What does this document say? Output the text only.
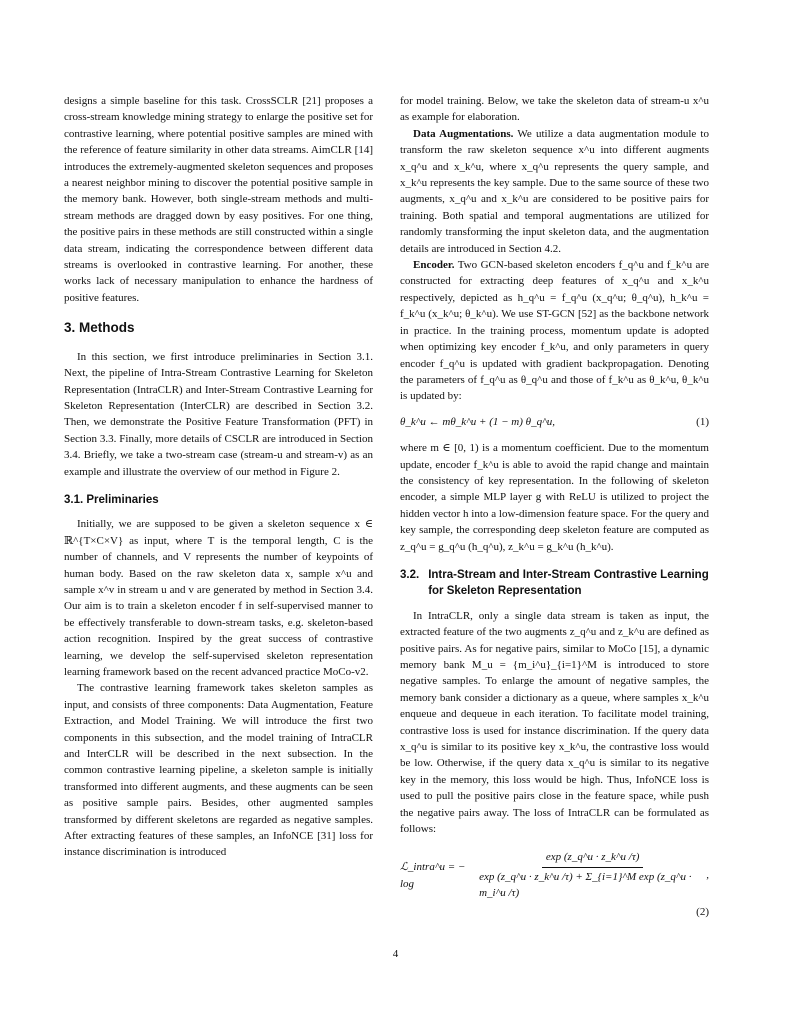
designs a simple baseline for this task. CrossSCLR [21] proposes a cross-stream knowledge mining strategy to enlarge the positive set for contrastive learning, where potential positive samples are mined with the reference of feature similarity in other data streams. AimCLR [14] introduces the extremely-augmented skeleton sequences and proposes a nearest neighbor mining to discover the potential positive sample in the memory bank. However, both single-stream methods and multi-stream methods are dragged down by easy positives. For one thing, the positive pairs in these methods are still constructed within a single data stream, indicating the correspondence between different data streams is overlooked in contrastive learning. For another, these works lack of necessary manipulation to enhance the hardness of positive features.

3. Methods

In this section, we first introduce preliminaries in Section 3.1. Next, the pipeline of Intra-Stream Contrastive Learning for Skeleton Representation (IntraCLR) and Inter-Stream Contrastive Learning for Skeleton Representation (InterCLR) are described in Section 3.2. Then, we demonstrate the Positive Feature Transformation (PFT) in Section 3.3. Finally, more details of CSCLR are introduced in Section 3.4. Briefly, we take a two-stream case (stream-u and stream-v) as an example and illustrate the overview of our method in Figure 2.

3.1. Preliminaries

Initially, we are supposed to be given a skeleton sequence x ∈ ℝ^{T×C×V} as input, where T is the temporal length, C is the number of channels, and V represents the number of keypoints of human body. Based on the raw skeleton data x, sample x^u and sample x^v in stream u and v are generated by method in Section 3.4. Our aim is to train a skeleton encoder f in self-supervised manner to be effectively transferable to down-stream tasks, e.g. skeleton-based action recognition. Inspired by the great success of contrastive learning, we develop the self-supervised skeleton representation learning framework based on the recent advanced practice MoCo-v2.

The contrastive learning framework takes skeleton samples as input, and consists of three components: Data Augmentation, Feature Extraction, and Model Training. We will introduce the first two components in this subsection, and the model training of IntraCLR and InterCLR will be described in the next subsection. In the common contrastive learning pipeline, a skeleton sample is initially transformed into different augments, and these augments can be seen as positive sample pairs. Besides, other augmented samples transformed by different skeletons are regarded as negative samples. After extracting features of these samples, an InfoNCE [31] loss for instance discrimination is introduced

for model training. Below, we take the skeleton data of stream-u x^u as example for elaboration.

Data Augmentations. We utilize a data augmentation module to transform the raw skeleton sequence x^u into different augments x_q^u and x_k^u, where x_q^u represents the query sample, and x_k^u represents the key sample. Due to the same source of these two augments, x_q^u and x_k^u are considered to be positive pairs for training. Both spatial and temporal augmentations are utilized for randomly transforming the input skeleton data, and the augmentation details are introduced in Section 4.2.

Encoder. Two GCN-based skeleton encoders f_q^u and f_k^u are constructed for extracting deep features of x_q^u and x_k^u respectively, depicted as h_q^u = f_q^u (x_q^u; θ_q^u), h_k^u = f_k^u (x_k^u; θ_k^u). We use ST-GCN [52] as the backbone network in practice. In the training process, momentum update is adopted when optimizing key encoder f_k^u, and only parameters in query encoder f_q^u is updated with gradient backpropagation. Denoting the parameters of f_q^u as θ_q^u and those of f_k^u as θ_k^u, θ_k^u is updated by:

θ_k^u ← mθ_k^u + (1 − m) θ_q^u,	(1)

where m ∈ [0, 1) is a momentum coefficient. Due to the momentum update, encoder f_k^u is able to avoid the rapid change and maintain the consistency of key representation. In the following of skeleton encoder, a simple MLP layer g with ReLU is utilized to project the hidden vector h into a low-dimension feature space. For the query and key sample, the corresponding deep skeleton feature are computed as z_q^u = g_q^u (h_q^u), z_k^u = g_k^u (h_k^u).

3.2. Intra-Stream and Inter-Stream Contrastive Learning for Skeleton Representation

In IntraCLR, only a single data stream is taken as input, the extracted feature of the two augments z_q^u and z_k^u are defined as positive pairs. As for negative pairs, similar to MoCo [15], a dynamic memory bank M_u = {m_i^u}_{i=1}^M is introduced to store negative samples. To enlarge the amount of negative samples, the memory bank consider a dictionary as a queue, where samples x_k^u enqueue and dequeue in each iteration. To facilitate model training, contrastive loss is used for instance discrimination. If the query data x_q^u is similar to its positive key x_k^u, the contrastive loss would be low. Otherwise, if the query data x_q^u is similar to its negative key in the memory, this loss would be high. Thus, InfoNCE loss is used to pull the positive pairs close in the feature space, while push the negative pairs away. The loss of IntraCLR can be formulated as follows:

ℒ_intra^u = − log	$\frac{\exp (z\_q\^{}u \cdot z\_k\^{}u /\tau)}{\text{exp (z\_q\textasciicircum{}u · z\_k\textasciicircum{}u /τ) + Σ\_\{i=1\}\textasciicircum{}M exp (z\_q\textasciicircum{}u · m\_i\textasciicircum{}u /τ)}}$ ,
(2)
4
